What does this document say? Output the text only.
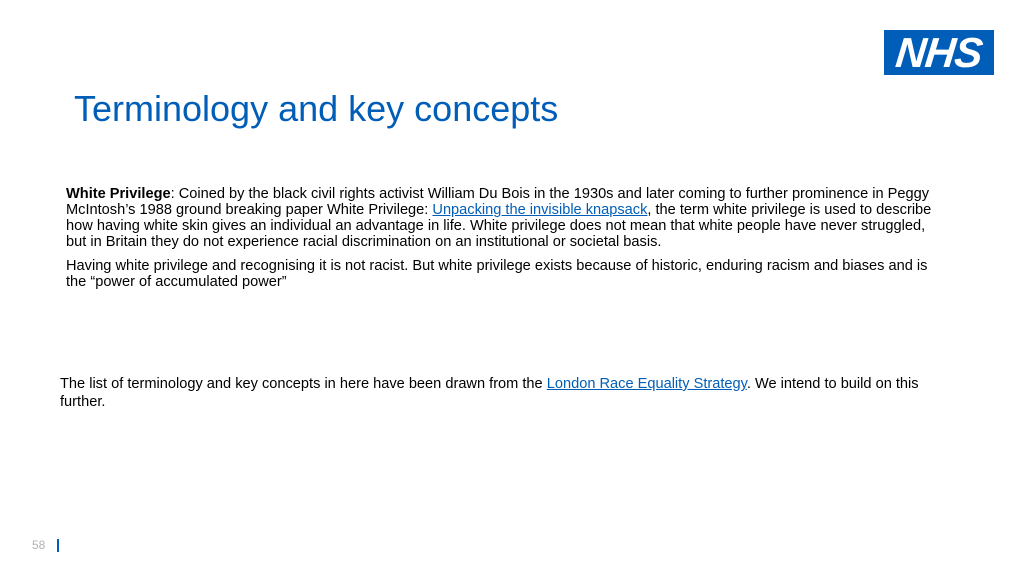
NHS
Terminology and key concepts

White Privilege: Coined by the black civil rights activist William Du Bois in the 1930s and later coming to further prominence in Peggy McIntosh’s 1988 ground breaking paper White Privilege: Unpacking the invisible knapsack, the term white privilege is used to describe how having white skin gives an individual an advantage in life. White privilege does not mean that white people have never struggled, but in Britain they do not experience racial discrimination on an institutional or societal basis.

Having white privilege and recognising it is not racist. But white privilege exists because of historic, enduring racism and biases and is the “power of accumulated power”

The list of terminology and key concepts in here have been drawn from the London Race Equality Strategy. We intend to build on this further.

58
